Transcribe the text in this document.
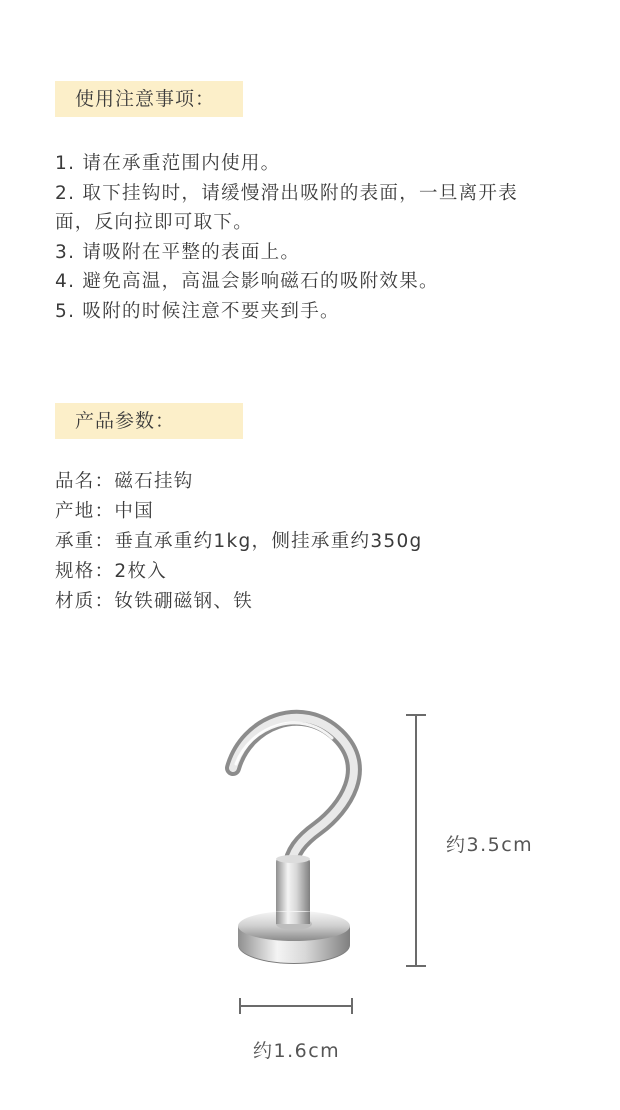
使用注意事项：
1. 请在承重范围内使用。
2. 取下挂钩时，请缓慢滑出吸附的表面，一旦离开表
面，反向拉即可取下。
3. 请吸附在平整的表面上。
4. 避免高温，高温会影响磁石的吸附效果。
5. 吸附的时候注意不要夹到手。
产品参数：
品名：磁石挂钩
产地：中国
承重：垂直承重约1kg，侧挂承重约350g
规格：2枚入
材质：钕铁硼磁钢、铁
约3.5cm
约1.6cm
